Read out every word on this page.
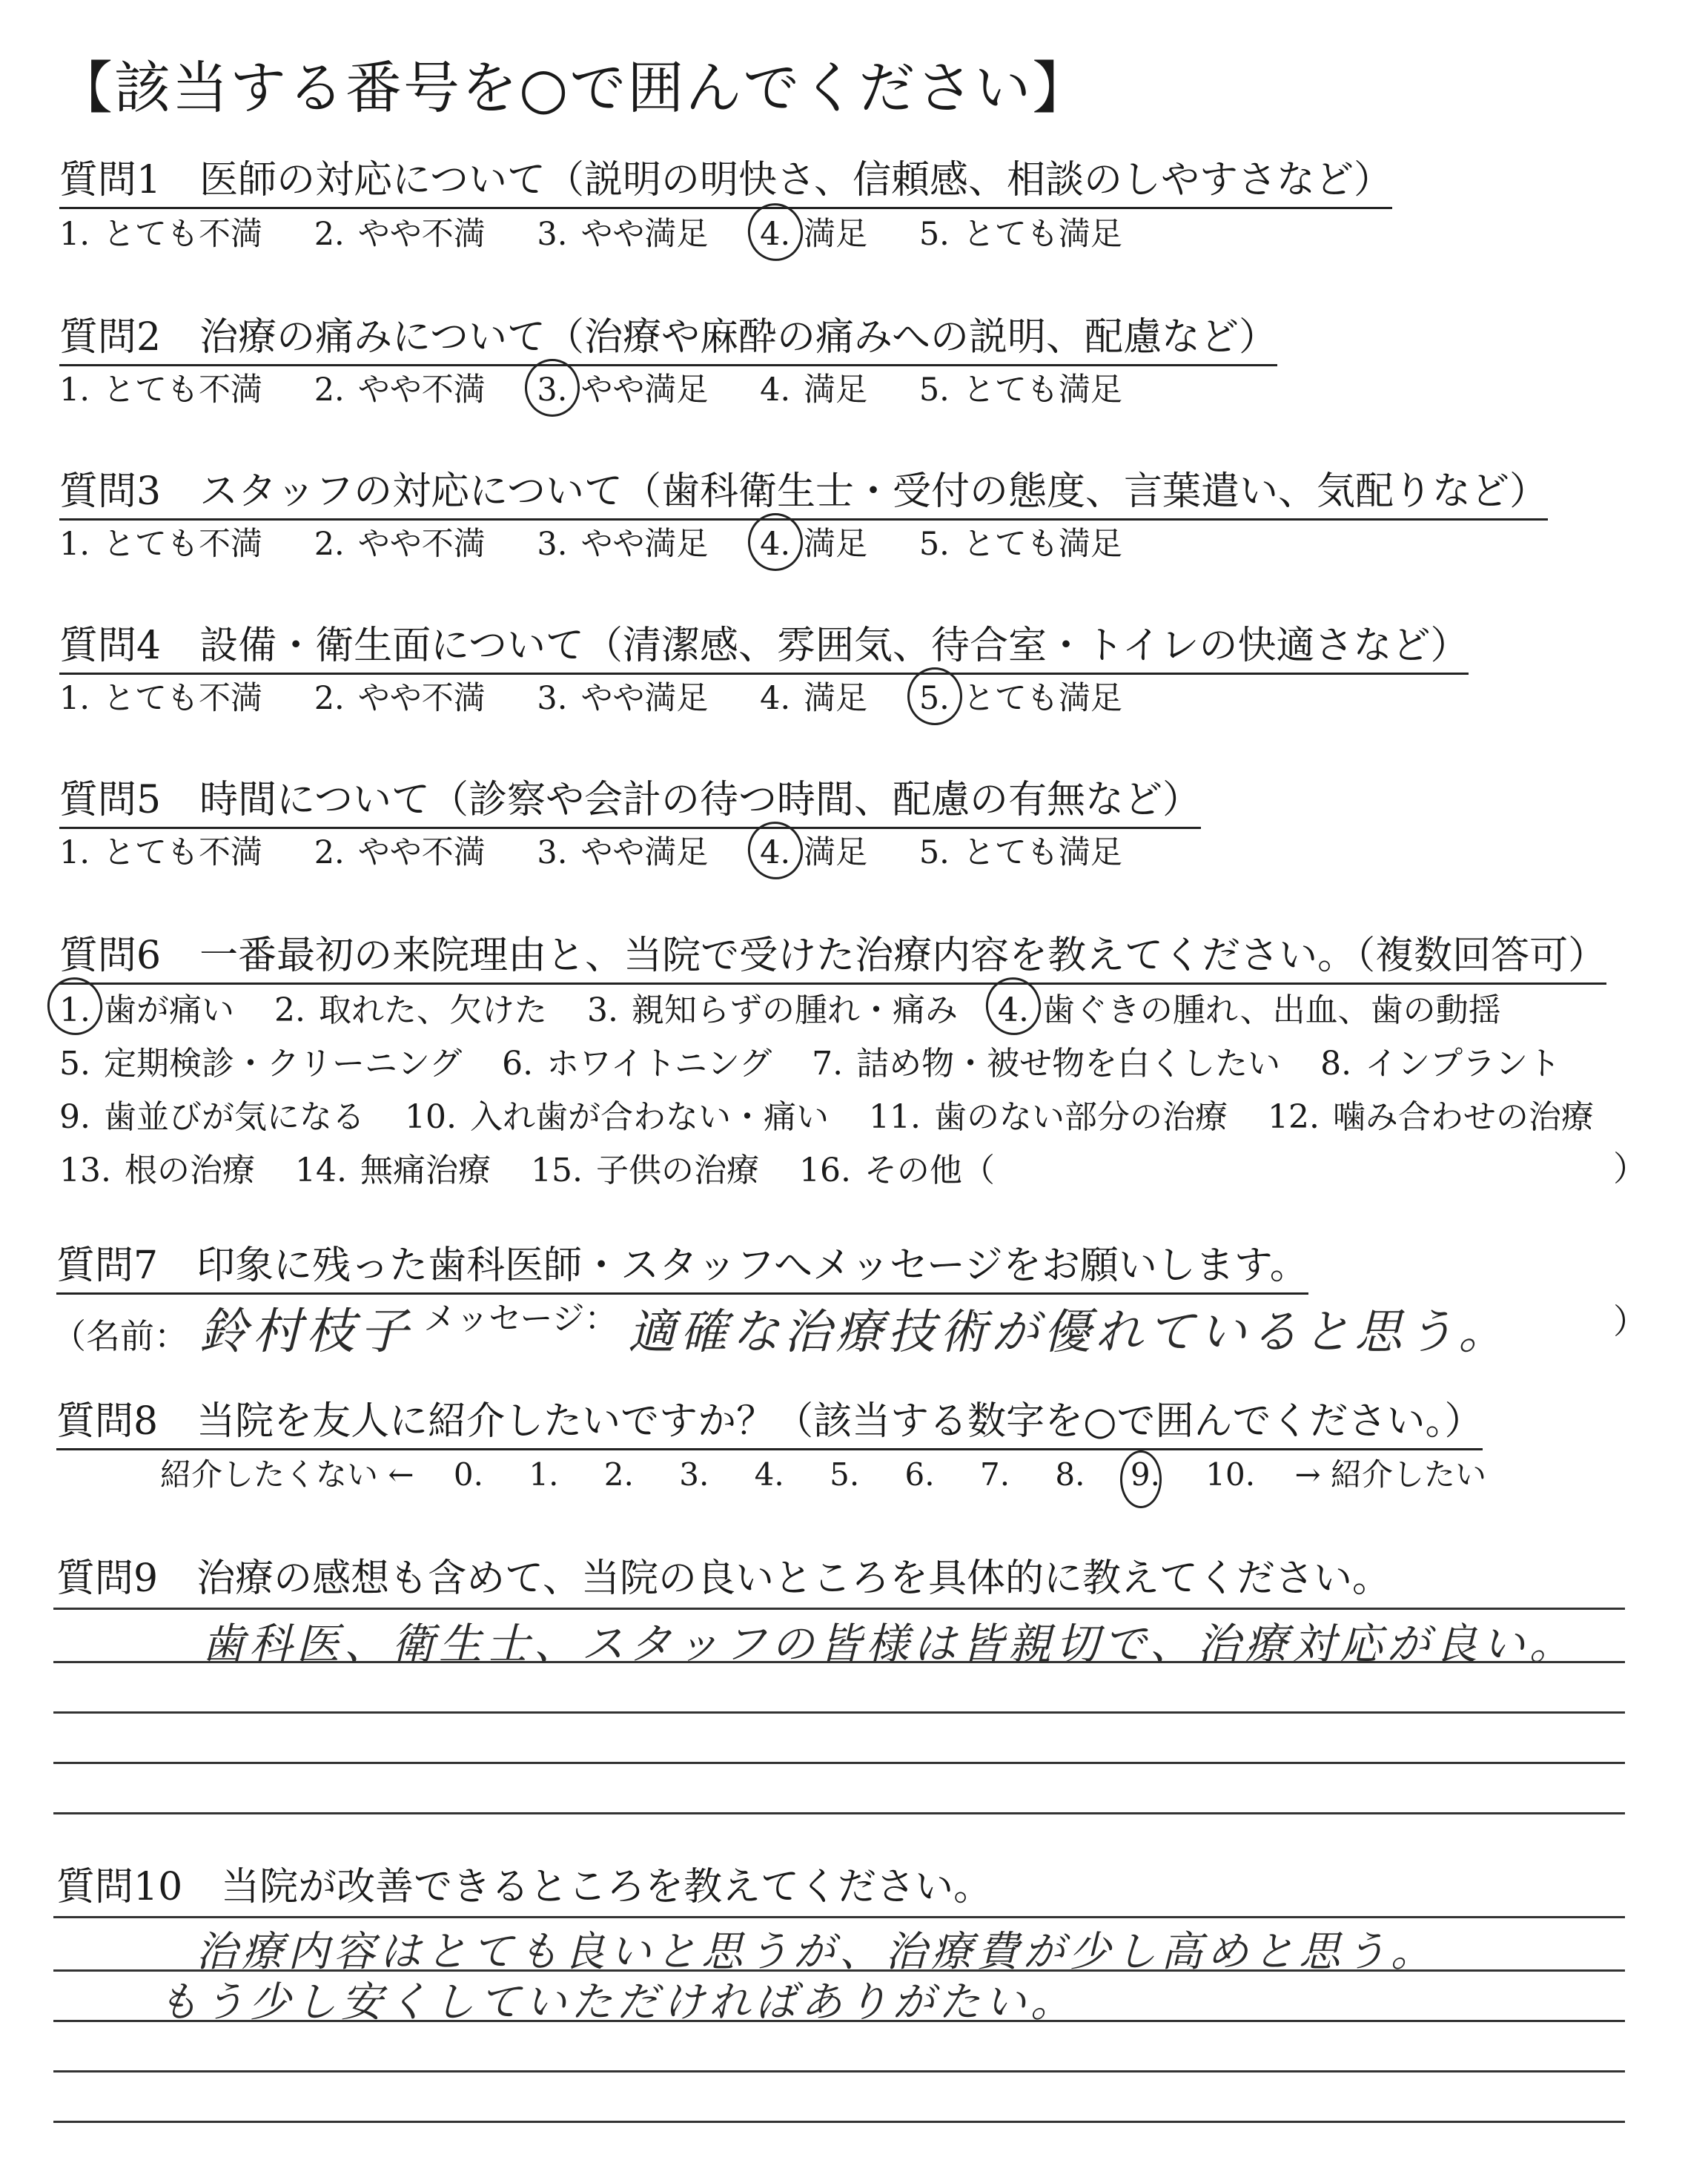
【該当する番号を○で囲んでください】
質問1　医師の対応について（説明の明快さ、信頼感、相談のしやすさなど）
1. とても不満 2. やや不満 3. やや満足 4. 満足 5. とても満足
質問2　治療の痛みについて（治療や麻酔の痛みへの説明、配慮など）
1. とても不満 2. やや不満 3. やや満足 4. 満足 5. とても満足
質問3　スタッフの対応について（歯科衛生士・受付の態度、言葉遣い、気配りなど）
1. とても不満 2. やや不満 3. やや満足 4. 満足 5. とても満足
質問4　設備・衛生面について（清潔感、雰囲気、待合室・トイレの快適さなど）
1. とても不満 2. やや不満 3. やや満足 4. 満足 5. とても満足
質問5　時間について（診察や会計の待つ時間、配慮の有無など）
1. とても不満 2. やや不満 3. やや満足 4. 満足 5. とても満足
質問6　一番最初の来院理由と、当院で受けた治療内容を教えてください。（複数回答可）
1. 歯が痛い 2. 取れた、欠けた 3. 親知らずの腫れ・痛み 4. 歯ぐきの腫れ、出血、歯の動揺
5. 定期検診・クリーニング 6. ホワイトニング 7. 詰め物・被せ物を白くしたい 8. インプラント
9. 歯並びが気になる 10. 入れ歯が合わない・痛い 11. 歯のない部分の治療 12. 噛み合わせの治療
13. 根の治療 14. 無痛治療 15. 子供の治療 16. その他（	）
質問7　印象に残った歯科医師・スタッフへメッセージをお願いします。
（名前： 鈴村枝子 メッセージ： 適確な治療技術が優れていると思う。	）
質問8　当院を友人に紹介したいですか？（該当する数字を○で囲んでください。）
紹介したくない ← 0. 1. 2. 3. 4. 5. 6. 7. 8. 9. 10. → 紹介したい
質問9　治療の感想も含めて、当院の良いところを具体的に教えてください。
歯科医、衛生士、スタッフの皆様は皆親切で、治療対応が良い。
質問10　当院が改善できるところを教えてください。
治療内容はとても良いと思うが、治療費が少し高めと思う。
もう少し安くしていただければありがたい。
